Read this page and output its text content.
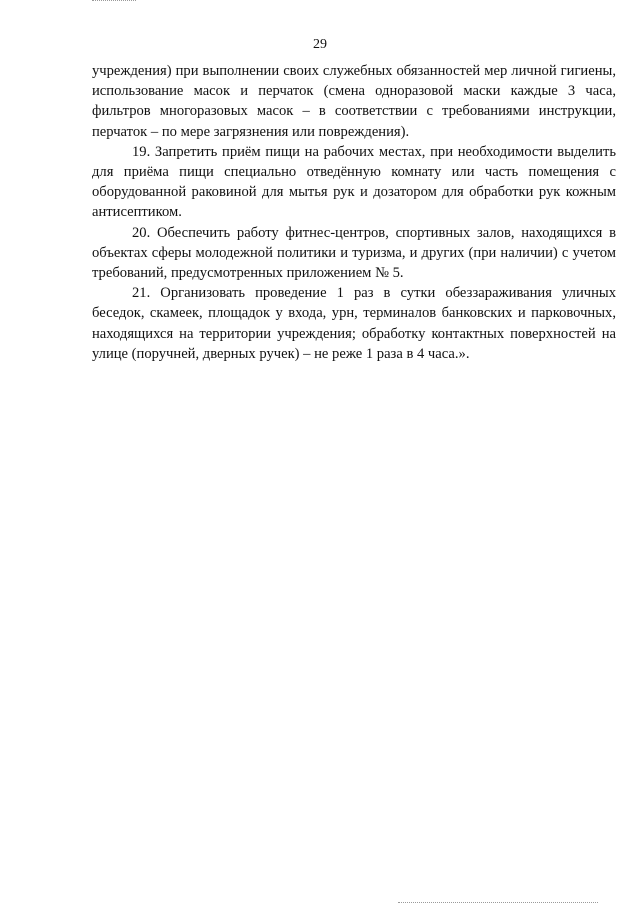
29

учреждения) при выполнении своих служебных обязанностей мер личной гигиены, использование масок и перчаток (смена одноразовой маски каждые 3 часа, фильтров многоразовых масок – в соответствии с требованиями инструкции, перчаток – по мере загрязнения или повреждения).

19. Запретить приём пищи на рабочих местах, при необходимости выделить для приёма пищи специально отведённую комнату или часть помещения с оборудованной раковиной для мытья рук и дозатором для обработки рук кожным антисептиком.

20. Обеспечить работу фитнес-центров, спортивных залов, находящихся в объектах сферы молодежной политики и туризма, и других (при наличии) с учетом требований, предусмотренных приложением № 5.

21. Организовать проведение 1 раз в сутки обеззараживания уличных беседок, скамеек, площадок у входа, урн, терминалов банковских и парковочных, находящихся на территории учреждения; обработку контактных поверхностей на улице (поручней, дверных ручек) – не реже 1 раза в 4 часа.».
